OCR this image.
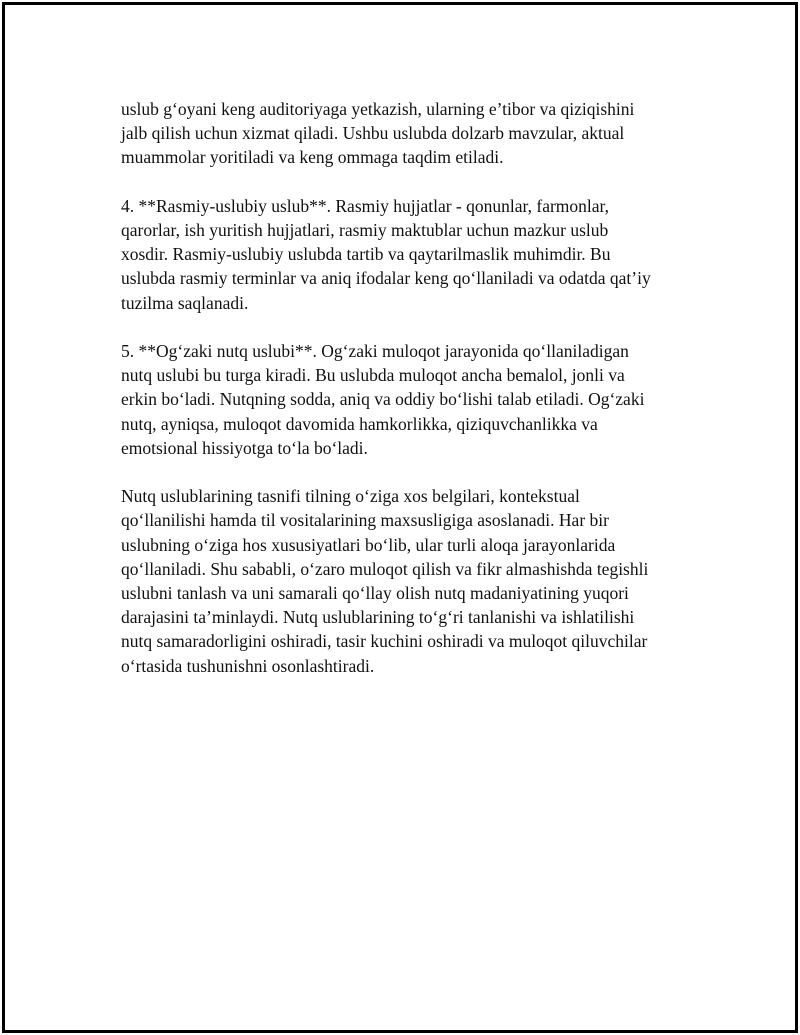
uslub g‘oyani keng auditoriyaga yetkazish, ularning e’tibor va qiziqishini
jalb qilish uchun xizmat qiladi. Ushbu uslubda dolzarb mavzular, aktual
muammolar yoritiladi va keng ommaga taqdim etiladi.

4. **Rasmiy-uslubiy uslub**. Rasmiy hujjatlar - qonunlar, farmonlar,
qarorlar, ish yuritish hujjatlari, rasmiy maktublar uchun mazkur uslub
xosdir. Rasmiy-uslubiy uslubda tartib va qaytarilmaslik muhimdir. Bu
uslubda rasmiy terminlar va aniq ifodalar keng qo‘llaniladi va odatda qat’iy
tuzilma saqlanadi.

5. **Og‘zaki nutq uslubi**. Og‘zaki muloqot jarayonida qo‘llaniladigan
nutq uslubi bu turga kiradi. Bu uslubda muloqot ancha bemalol, jonli va
erkin bo‘ladi. Nutqning sodda, aniq va oddiy bo‘lishi talab etiladi. Og‘zaki
nutq, ayniqsa, muloqot davomida hamkorlikka, qiziquvchanlikka va
emotsional hissiyotga to‘la bo‘ladi.

Nutq uslublarining tasnifi tilning o‘ziga xos belgilari, kontekstual
qo‘llanilishi hamda til vositalarining maxsusligiga asoslanadi. Har bir
uslubning o‘ziga hos xususiyatlari bo‘lib, ular turli aloqa jarayonlarida
qo‘llaniladi. Shu sababli, o‘zaro muloqot qilish va fikr almashishda tegishli
uslubni tanlash va uni samarali qo‘llay olish nutq madaniyatining yuqori
darajasini ta’minlaydi. Nutq uslublarining to‘g‘ri tanlanishi va ishlatilishi
nutq samaradorligini oshiradi, tasir kuchini oshiradi va muloqot qiluvchilar
o‘rtasida tushunishni osonlashtiradi.
